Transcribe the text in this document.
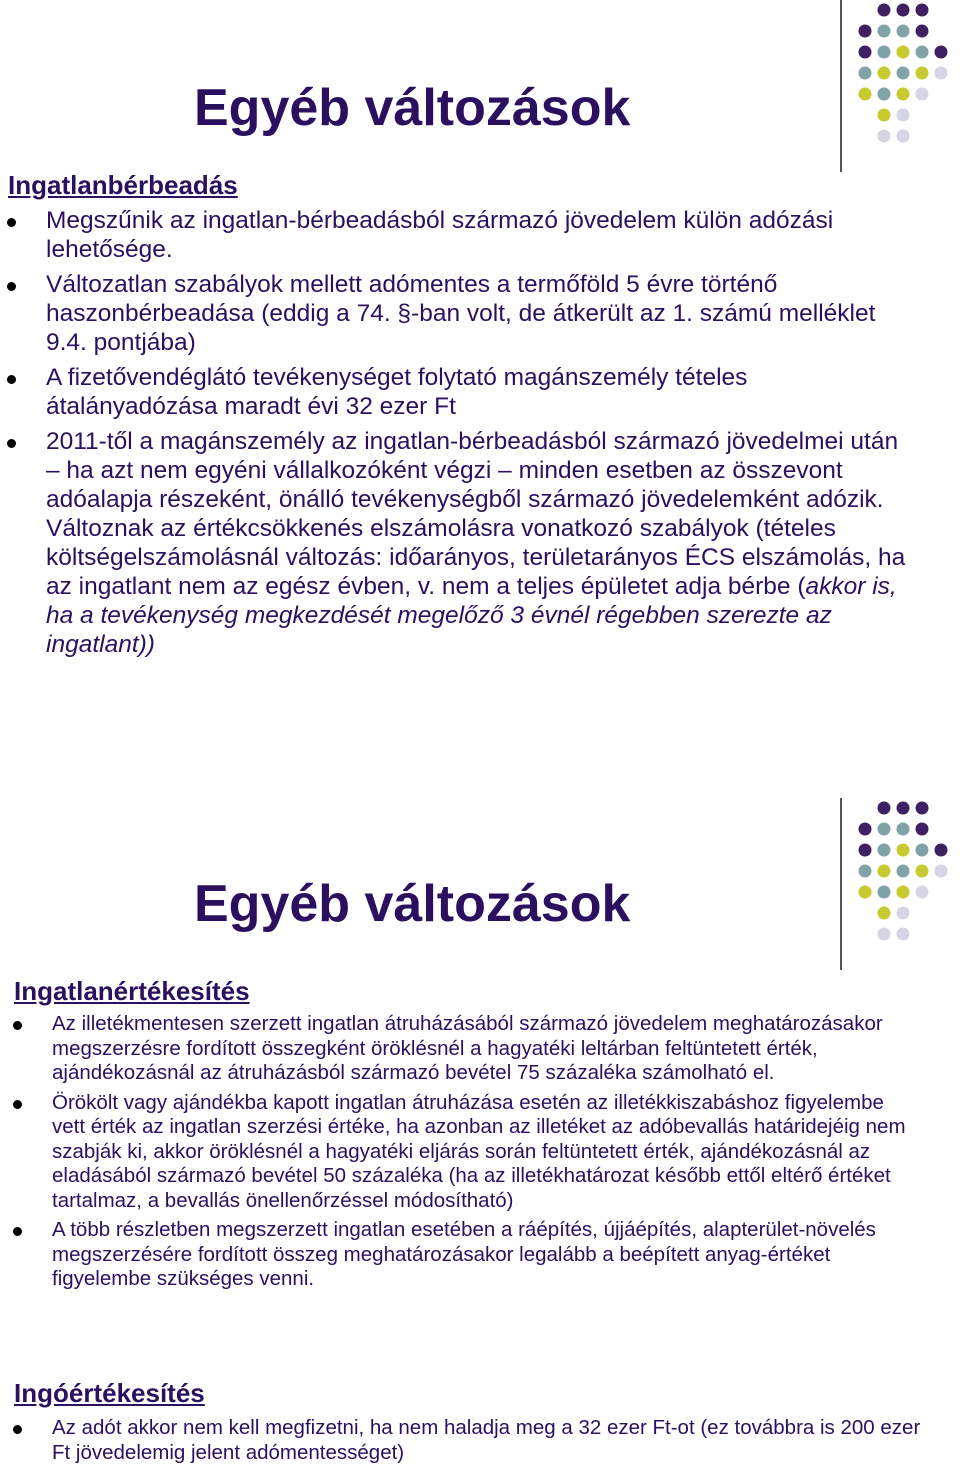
Egyéb változások
Ingatlanbérbeadás
Megszűnik az ingatlan-bérbeadásból származó jövedelem külön adózási lehetősége.
Változatlan szabályok mellett adómentes a termőföld 5 évre történő haszonbérbeadása (eddig a 74. §-ban volt, de átkerült az 1. számú melléklet 9.4. pontjába)
A fizetővendéglátó tevékenységet folytató magánszemély tételes átalányadózása maradt évi 32 ezer Ft
2011-től a magánszemély az ingatlan-bérbeadásból származó jövedelmei után – ha azt nem egyéni vállalkozóként végzi – minden esetben az összevont adóalapja részeként, önálló tevékenységből származó jövedelemként adózik. Változnak az értékcsökkenés elszámolásra vonatkozó szabályok (tételes költségelszámolásnál változás: időarányos, területarányos ÉCS elszámolás, ha az ingatlant nem az egész évben, v. nem a teljes épületet adja bérbe (akkor is, ha a tevékenység megkezdését megelőző 3 évnél régebben szerezte az ingatlant))
Egyéb változások
Ingatlanértékesítés
Az illetékmentesen szerzett ingatlan átruházásából származó jövedelem meghatározásakor megszerzésre fordított összegként öröklésnél a hagyatéki leltárban feltüntetett érték, ajándékozásnál az átruházásból származó bevétel 75 százaléka számolható el.
Örökölt vagy ajándékba kapott ingatlan átruházása esetén az illetékkiszabáshoz figyelembe vett érték az ingatlan szerzési értéke, ha azonban az illetéket az adóbevallás határidejéig nem szabják ki, akkor öröklésnél a hagyatéki eljárás során feltüntetett érték, ajándékozásnál az eladásából származó bevétel 50 százaléka (ha az illetékhatározat később ettől eltérő értéket tartalmaz, a bevallás önellenőrzéssel módosítható)
A több részletben megszerzett ingatlan esetében a ráépítés, újjáépítés, alapterület-növelés megszerzésére fordított összeg meghatározásakor legalább a beépített anyag-értéket figyelembe szükséges venni.
Ingóértékesítés
Az adót akkor nem kell megfizetni, ha nem haladja meg a 32 ezer Ft-ot (ez továbbra is 200 ezer Ft jövedelemig jelent adómentességet)
